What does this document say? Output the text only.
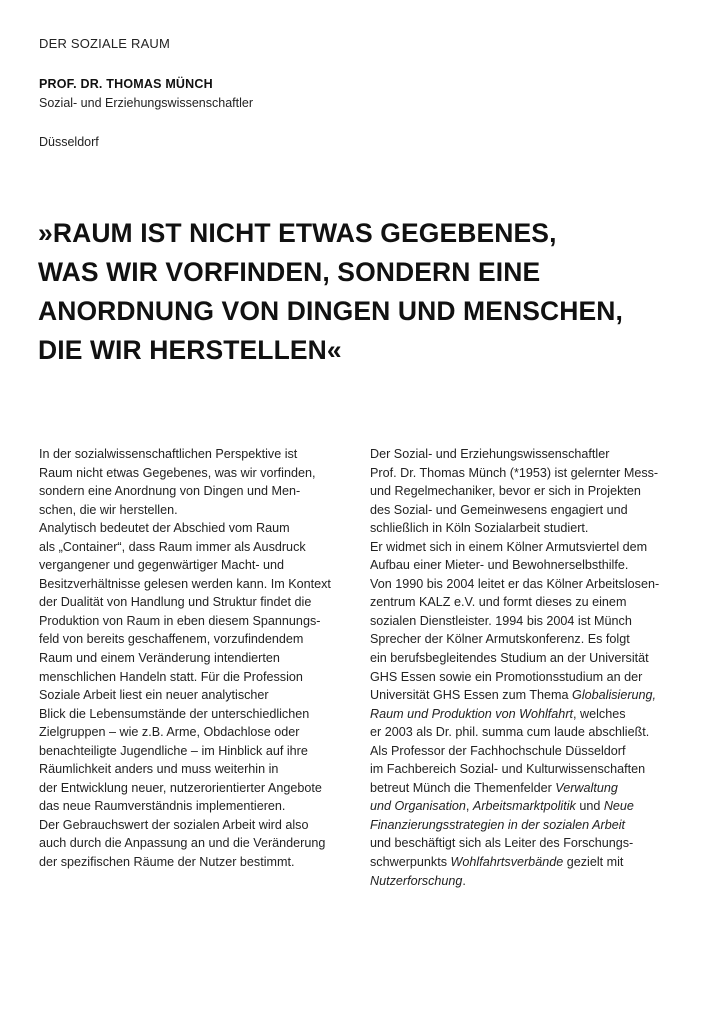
DER SOZIALE RAUM
PROF. DR. THOMAS MÜNCH
Sozial- und Erziehungswissenschaftler
Düsseldorf
»RAUM IST NICHT ETWAS GEGEBENES,
WAS WIR VORFINDEN, SONDERN EINE
ANORDNUNG VON DINGEN UND MENSCHEN,
DIE WIR HERSTELLEN«
In der sozialwissenschaftlichen Perspektive ist
Raum nicht etwas Gegebenes, was wir vorfinden,
sondern eine Anordnung von Dingen und Men-
schen, die wir herstellen.
Analytisch bedeutet der Abschied vom Raum
als „Container“, dass Raum immer als Ausdruck
vergangener und gegenwärtiger Macht- und
Besitzverhältnisse gelesen werden kann. Im Kontext
der Dualität von Handlung und Struktur findet die
Produktion von Raum in eben diesem Spannungs-
feld von bereits geschaffenem, vorzufindendem
Raum und einem Veränderung intendierten
menschlichen Handeln statt. Für die Profession
Soziale Arbeit liest ein neuer analytischer
Blick die Lebensumstände der unterschiedlichen
Zielgruppen – wie z.B. Arme, Obdachlose oder
benachteiligte Jugendliche – im Hinblick auf ihre
Räumlichkeit anders und muss weiterhin in
der Entwicklung neuer, nutzerorientierter Angebote
das neue Raumverständnis implementieren.
Der Gebrauchswert der sozialen Arbeit wird also
auch durch die Anpassung an und die Veränderung
der spezifischen Räume der Nutzer bestimmt.
Der Sozial- und Erziehungswissenschaftler
Prof. Dr. Thomas Münch (*1953) ist gelernter Mess-
und Regelmechaniker, bevor er sich in Projekten
des Sozial- und Gemeinwesens engagiert und
schließlich in Köln Sozialarbeit studiert.
Er widmet sich in einem Kölner Armutsviertel dem
Aufbau einer Mieter- und Bewohnerselbsthilfe.
Von 1990 bis 2004 leitet er das Kölner Arbeitslosen-
zentrum KALZ e.V. und formt dieses zu einem
sozialen Dienstleister. 1994 bis 2004 ist Münch
Sprecher der Kölner Armutskonferenz. Es folgt
ein berufsbegleitendes Studium an der Universität
GHS Essen sowie ein Promotionsstudium an der
Universität GHS Essen zum Thema Globalisierung,
Raum und Produktion von Wohlfahrt, welches
er 2003 als Dr. phil. summa cum laude abschließt.
Als Professor der Fachhochschule Düsseldorf
im Fachbereich Sozial- und Kulturwissenschaften
betreut Münch die Themenfelder Verwaltung
und Organisation, Arbeitsmarktpolitik und Neue
Finanzierungsstrategien in der sozialen Arbeit
und beschäftigt sich als Leiter des Forschungs-
schwerpunkts Wohlfahrtsverbände gezielt mit
Nutzerforschung.
